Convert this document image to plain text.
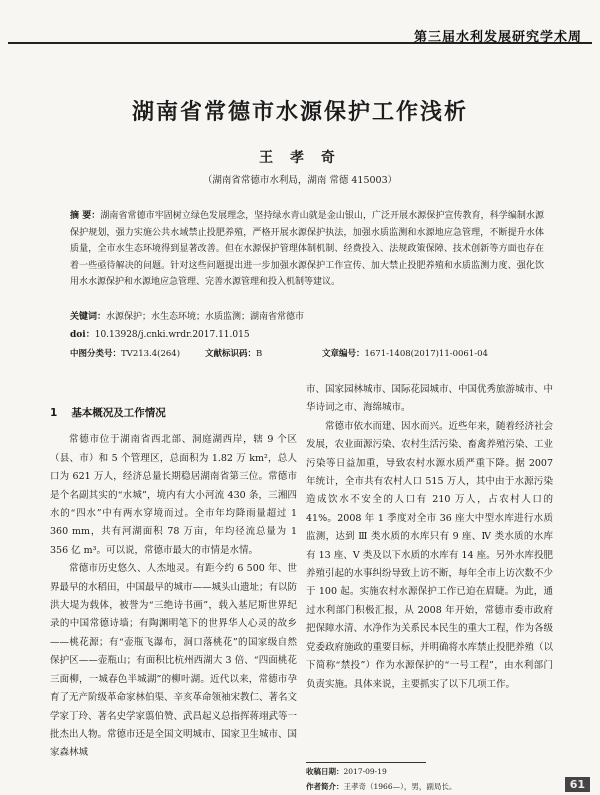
第三届水利发展研究学术周
湖南省常德市水源保护工作浅析
王 孝 奇
（湖南省常德市水利局，湖南 常德 415003）
摘 要：湖南省常德市牢固树立绿色发展理念，坚持绿水青山就是金山银山，广泛开展水源保护宣传教育，科学编制水源保护规划，强力实施公共水域禁止投肥养殖，严格开展水源保护执法，加强水质监测和水源地应急管理，不断提升水体质量，全市水生态环境得到显著改善。但在水源保护管理体制机制、经费投入、法规政策保障、技术创新等方面也存在着一些亟待解决的问题。针对这些问题提出进一步加强水源保护工作宣传、加大禁止投肥养殖和水质监测力度、强化饮用水水源保护和水源地应急管理、完善水源管理和投入机制等建议。
关键词：水源保护；水生态环境；水质监测；湖南省常德市
doi：10.13928/j.cnki.wrdr.2017.11.015
中图分类号：TV213.4(264)	文献标识码：B	文章编号：1671-1408(2017)11-0061-04
1 基本概况及工作情况

常德市位于湖南省西北部、洞庭湖西岸，辖 9 个区（县、市）和 5 个管理区，总面积为 1.82 万 km²，总人口为 621 万人，经济总量长期稳居湖南省第三位。常德市是个名副其实的“水城”，境内有大小河流 430 条，三湘四水的“四水”中有两水穿境而过。全市年均降雨量超过 1 360 mm，共有河湖面积 78 万亩，年均径流总量为 1 356 亿 m³。可以说，常德市最大的市情是水情。

常德市历史悠久、人杰地灵。有距今约 6 500 年、世界最早的水稻田，中国最早的城市——城头山遗址；有以防洪大堤为载体，被誉为“三绝诗书画”，载入基尼斯世界纪录的中国常德诗墙；有陶渊明笔下的世界华人心灵的故乡——桃花源；有“壶瓶飞瀑布，洞口落桃花”的国家级自然保护区——壶瓶山；有面积比杭州西湖大 3 倍、“四面桃花三面柳，一城春色半城湖”的柳叶湖。近代以来，常德市孕育了无产阶级革命家林伯渠、辛亥革命领袖宋教仁、著名文学家丁玲、著名史学家翦伯赞、武昌起义总指挥蒋翊武等一批杰出人物。常德市还是全国文明城市、国家卫生城市、国家森林城

市、国家园林城市、国际花园城市、中国优秀旅游城市、中华诗词之市、海绵城市。

常德市依水而建、因水而兴。近些年来，随着经济社会发展，农业面源污染、农村生活污染、畜禽养殖污染、工业污染等日益加重，导致农村水源水质严重下降。据 2007 年统计，全市共有农村人口 515 万人，其中由于水源污染造成饮水不安全的人口有 210 万人，占农村人口的 41%。2008 年 1 季度对全市 36 座大中型水库进行水质监测，达到 Ⅲ 类水质的水库只有 9 座、Ⅳ 类水质的水库有 13 座、Ⅴ 类及以下水质的水库有 14 座。另外水库投肥养殖引起的水事纠纷导致上访不断，每年全市上访次数不少于 100 起。实施农村水源保护工作已迫在眉睫。为此，通过水利部门积极汇报，从 2008 年开始，常德市委市政府把保障水清、水净作为关系民本民生的重大工程，作为各级党委政府施政的重要目标，并明确将水库禁止投肥养殖（以下简称“禁投”）作为水源保护的“一号工程”，由水利部门负责实施。具体来说，主要抓实了以下几项工作。

收稿日期：2017-09-19
作者简介：王孝奇（1966—），男，副局长。	61
